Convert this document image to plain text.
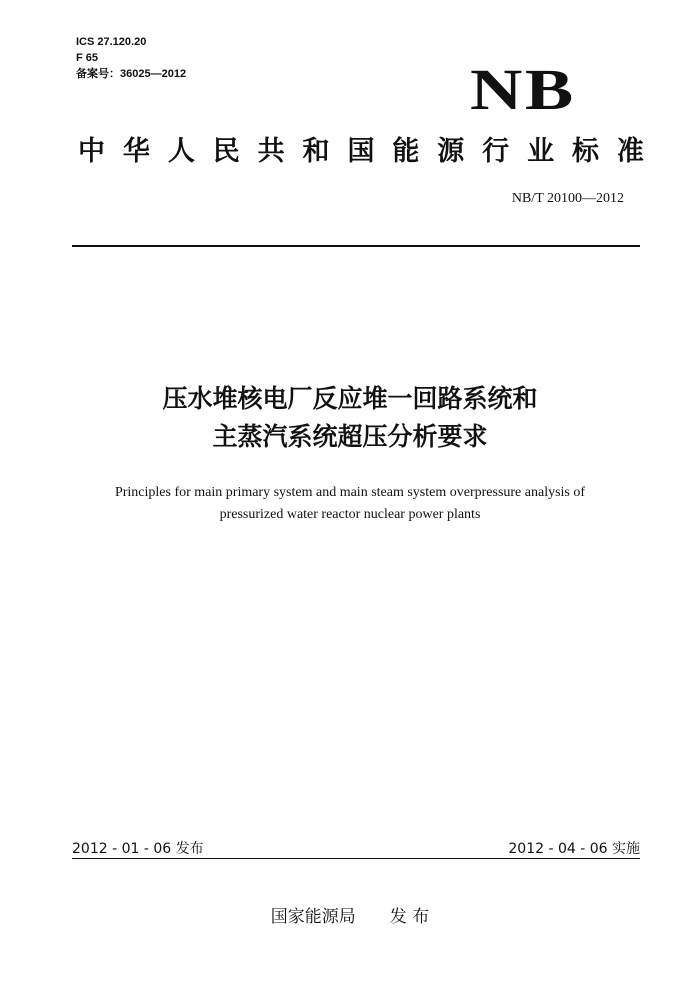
ICS 27.120.20
F 65
备案号：36025—2012	NB
中 华 人 民 共 和 国 能 源 行 业 标 准
NB/T 20100—2012
压水堆核电厂反应堆一回路系统和
主蒸汽系统超压分析要求
Principles for main primary system and main steam system overpressure analysis of
pressurized water reactor nuclear power plants
2012 - 01 - 06 发布	2012 - 04 - 06 实施
国家能源局 发 布
